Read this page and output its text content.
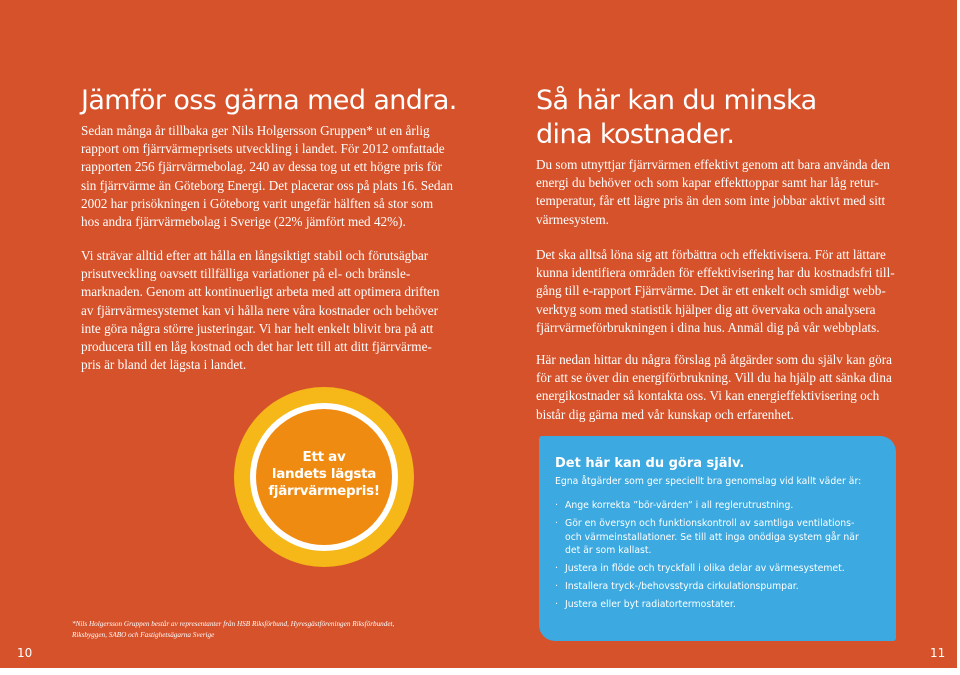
Jämför oss gärna med andra.

Sedan många år tillbaka ger Nils Holgersson Gruppen* ut en årlig

rapport om fjärrvärmeprisets utveckling i landet. För 2012 omfattade

rapporten 256 fjärrvärmebolag. 240 av dessa tog ut ett högre pris för

sin fjärrvärme än Göteborg Energi. Det placerar oss på plats 16. Sedan

2002 har prisökningen i Göteborg varit ungefär hälften så stor som

hos andra fjärrvärmebolag i Sverige (22% jämfört med 42%).

Vi strävar alltid efter att hålla en långsiktigt stabil och förutsägbar

prisutveckling oavsett tillfälliga variationer på el- och bränsle-

marknaden. Genom att kontinuerligt arbeta med att optimera driften

av fjärrvärmesystemet kan vi hålla nere våra kostnader och behöver

inte göra några större justeringar. Vi har helt enkelt blivit bra på att

producera till en låg kostnad och det har lett till att ditt fjärrvärme-

pris är bland det lägsta i landet.

Ett av
landets lägsta
fjärrvärmepris!
*Nils Holgersson Gruppen består av representanter från HSB Riksförbund, Hyresgästföreningen Riksförbundet,
Riksbyggen, SABO och Fastighetsägarna Sverige
10
Så här kan du minska
dina kostnader.

Du som utnyttjar fjärrvärmen effektivt genom att bara använda den

energi du behöver och som kapar effekttoppar samt har låg retur-

temperatur, får ett lägre pris än den som inte jobbar aktivt med sitt

värmesystem.

Det ska alltså löna sig att förbättra och effektivisera. För att lättare

kunna identifiera områden för effektivisering har du kostnadsfri till-

gång till e-rapport Fjärrvärme. Det är ett enkelt och smidigt webb-

verktyg som med statistik hjälper dig att övervaka och analysera

fjärrvärmeförbrukningen i dina hus. Anmäl dig på vår webbplats.

Här nedan hittar du några förslag på åtgärder som du själv kan göra

för att se över din energiförbrukning. Vill du ha hjälp att sänka dina

energikostnader så kontakta oss. Vi kan energieffektivisering och

bistår dig gärna med vår kunskap och erfarenhet.

Det här kan du göra själv.

Egna åtgärder som ger speciellt bra genomslag vid kallt väder är:

· Ange korrekta ”bör-värden” i all reglerutrustning.
· Gör en översyn och funktionskontroll av samtliga ventilations-
och värmeinstallationer. Se till att inga onödiga system går när
det är som kallast.
· Justera in flöde och tryckfall i olika delar av värmesystemet.
· Installera tryck-/behovsstyrda cirkulationspumpar.
· Justera eller byt radiatortermostater.
11
